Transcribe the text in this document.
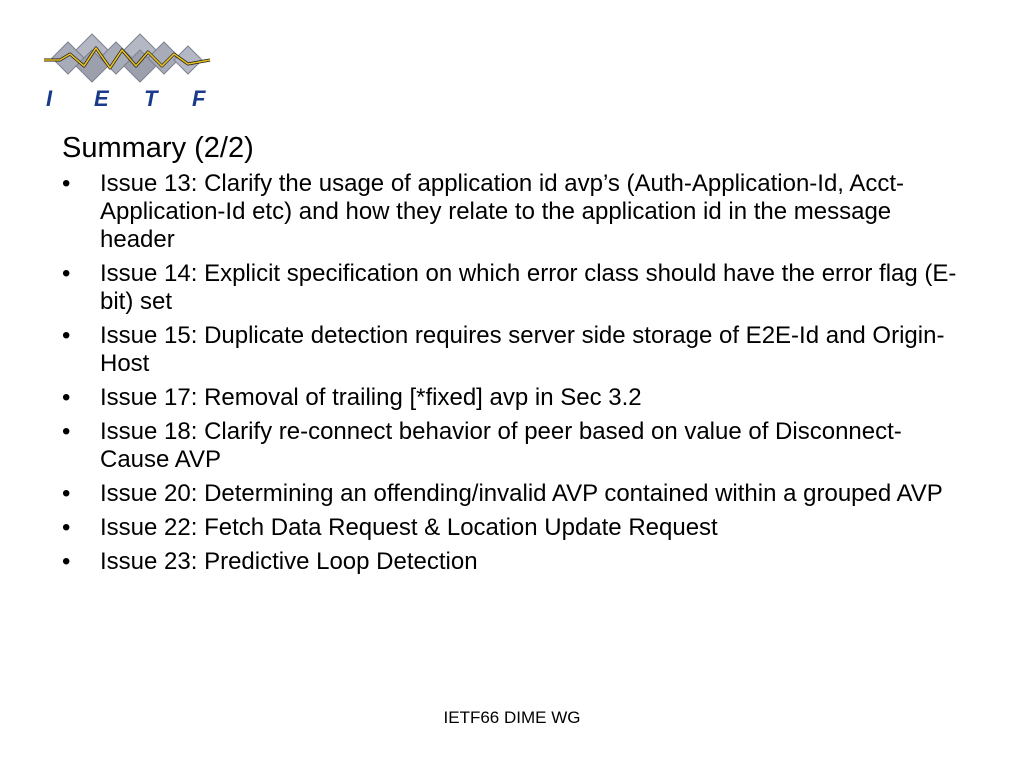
I E T F
Summary (2/2)
• Issue 13: Clarify the usage of application id avp’s (Auth-Application-Id, Acct-Application-Id etc) and how they relate to the application id in the message header
• Issue 14: Explicit specification on which error class should have the error flag (E-bit) set
• Issue 15: Duplicate detection requires server side storage of E2E-Id and Origin-Host
• Issue 17: Removal of trailing [*fixed] avp in Sec 3.2
• Issue 18: Clarify re-connect behavior of peer based on value of Disconnect-Cause AVP
• Issue 20: Determining an offending/invalid AVP contained within a grouped AVP
• Issue 22: Fetch Data Request & Location Update Request
• Issue 23: Predictive Loop Detection
IETF66 DIME WG
